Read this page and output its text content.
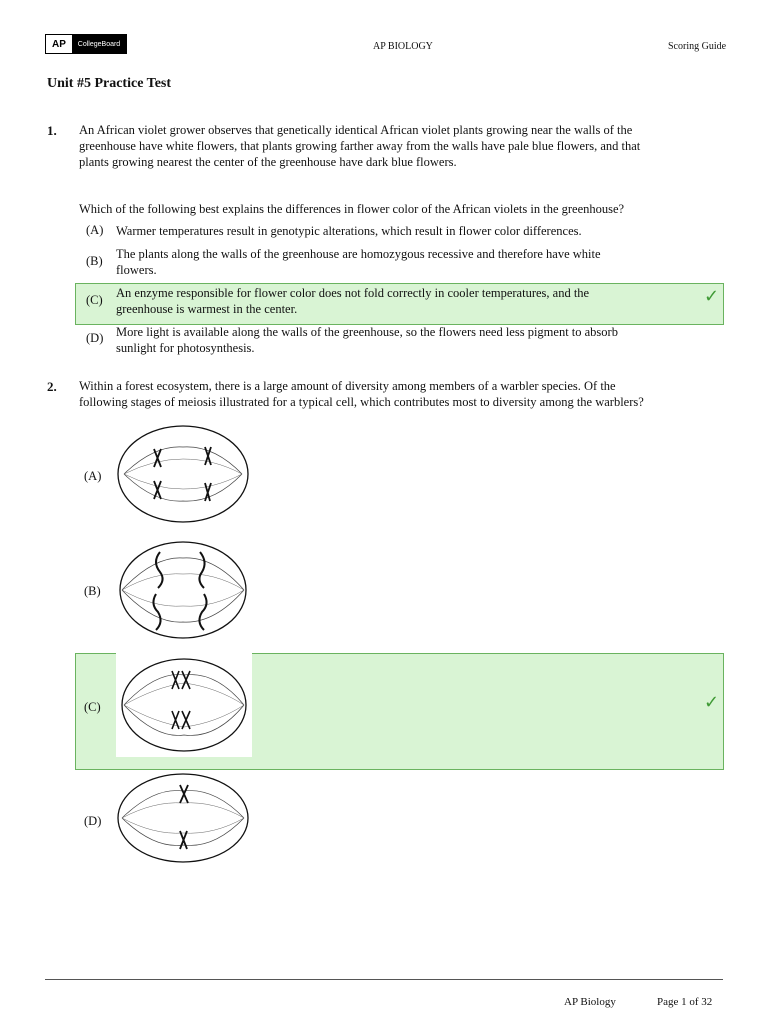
AP	CollegeBoard	AP BIOLOGY	Scoring Guide
Unit #5 Practice Test
1. An African violet grower observes that genetically identical African violet plants growing near the walls of the
greenhouse have white flowers, that plants growing farther away from the walls have pale blue flowers, and that
plants growing nearest the center of the greenhouse have dark blue flowers.
Which of the following best explains the differences in flower color of the African violets in the greenhouse?
(A) Warmer temperatures result in genotypic alterations, which result in flower color differences.
(B) The plants along the walls of the greenhouse are homozygous recessive and therefore have white
flowers.
(C) An enzyme responsible for flower color does not fold correctly in cooler temperatures, and the
greenhouse is warmest in the center.
✓
(D) More light is available along the walls of the greenhouse, so the flowers need less pigment to absorb
sunlight for photosynthesis.
2. Within a forest ecosystem, there is a large amount of diversity among members of a warbler species. Of the
following stages of meiosis illustrated for a typical cell, which contributes most to diversity among the warblers?
(A)
(B)
(C)	✓
(D)
AP Biology	Page 1 of 32
